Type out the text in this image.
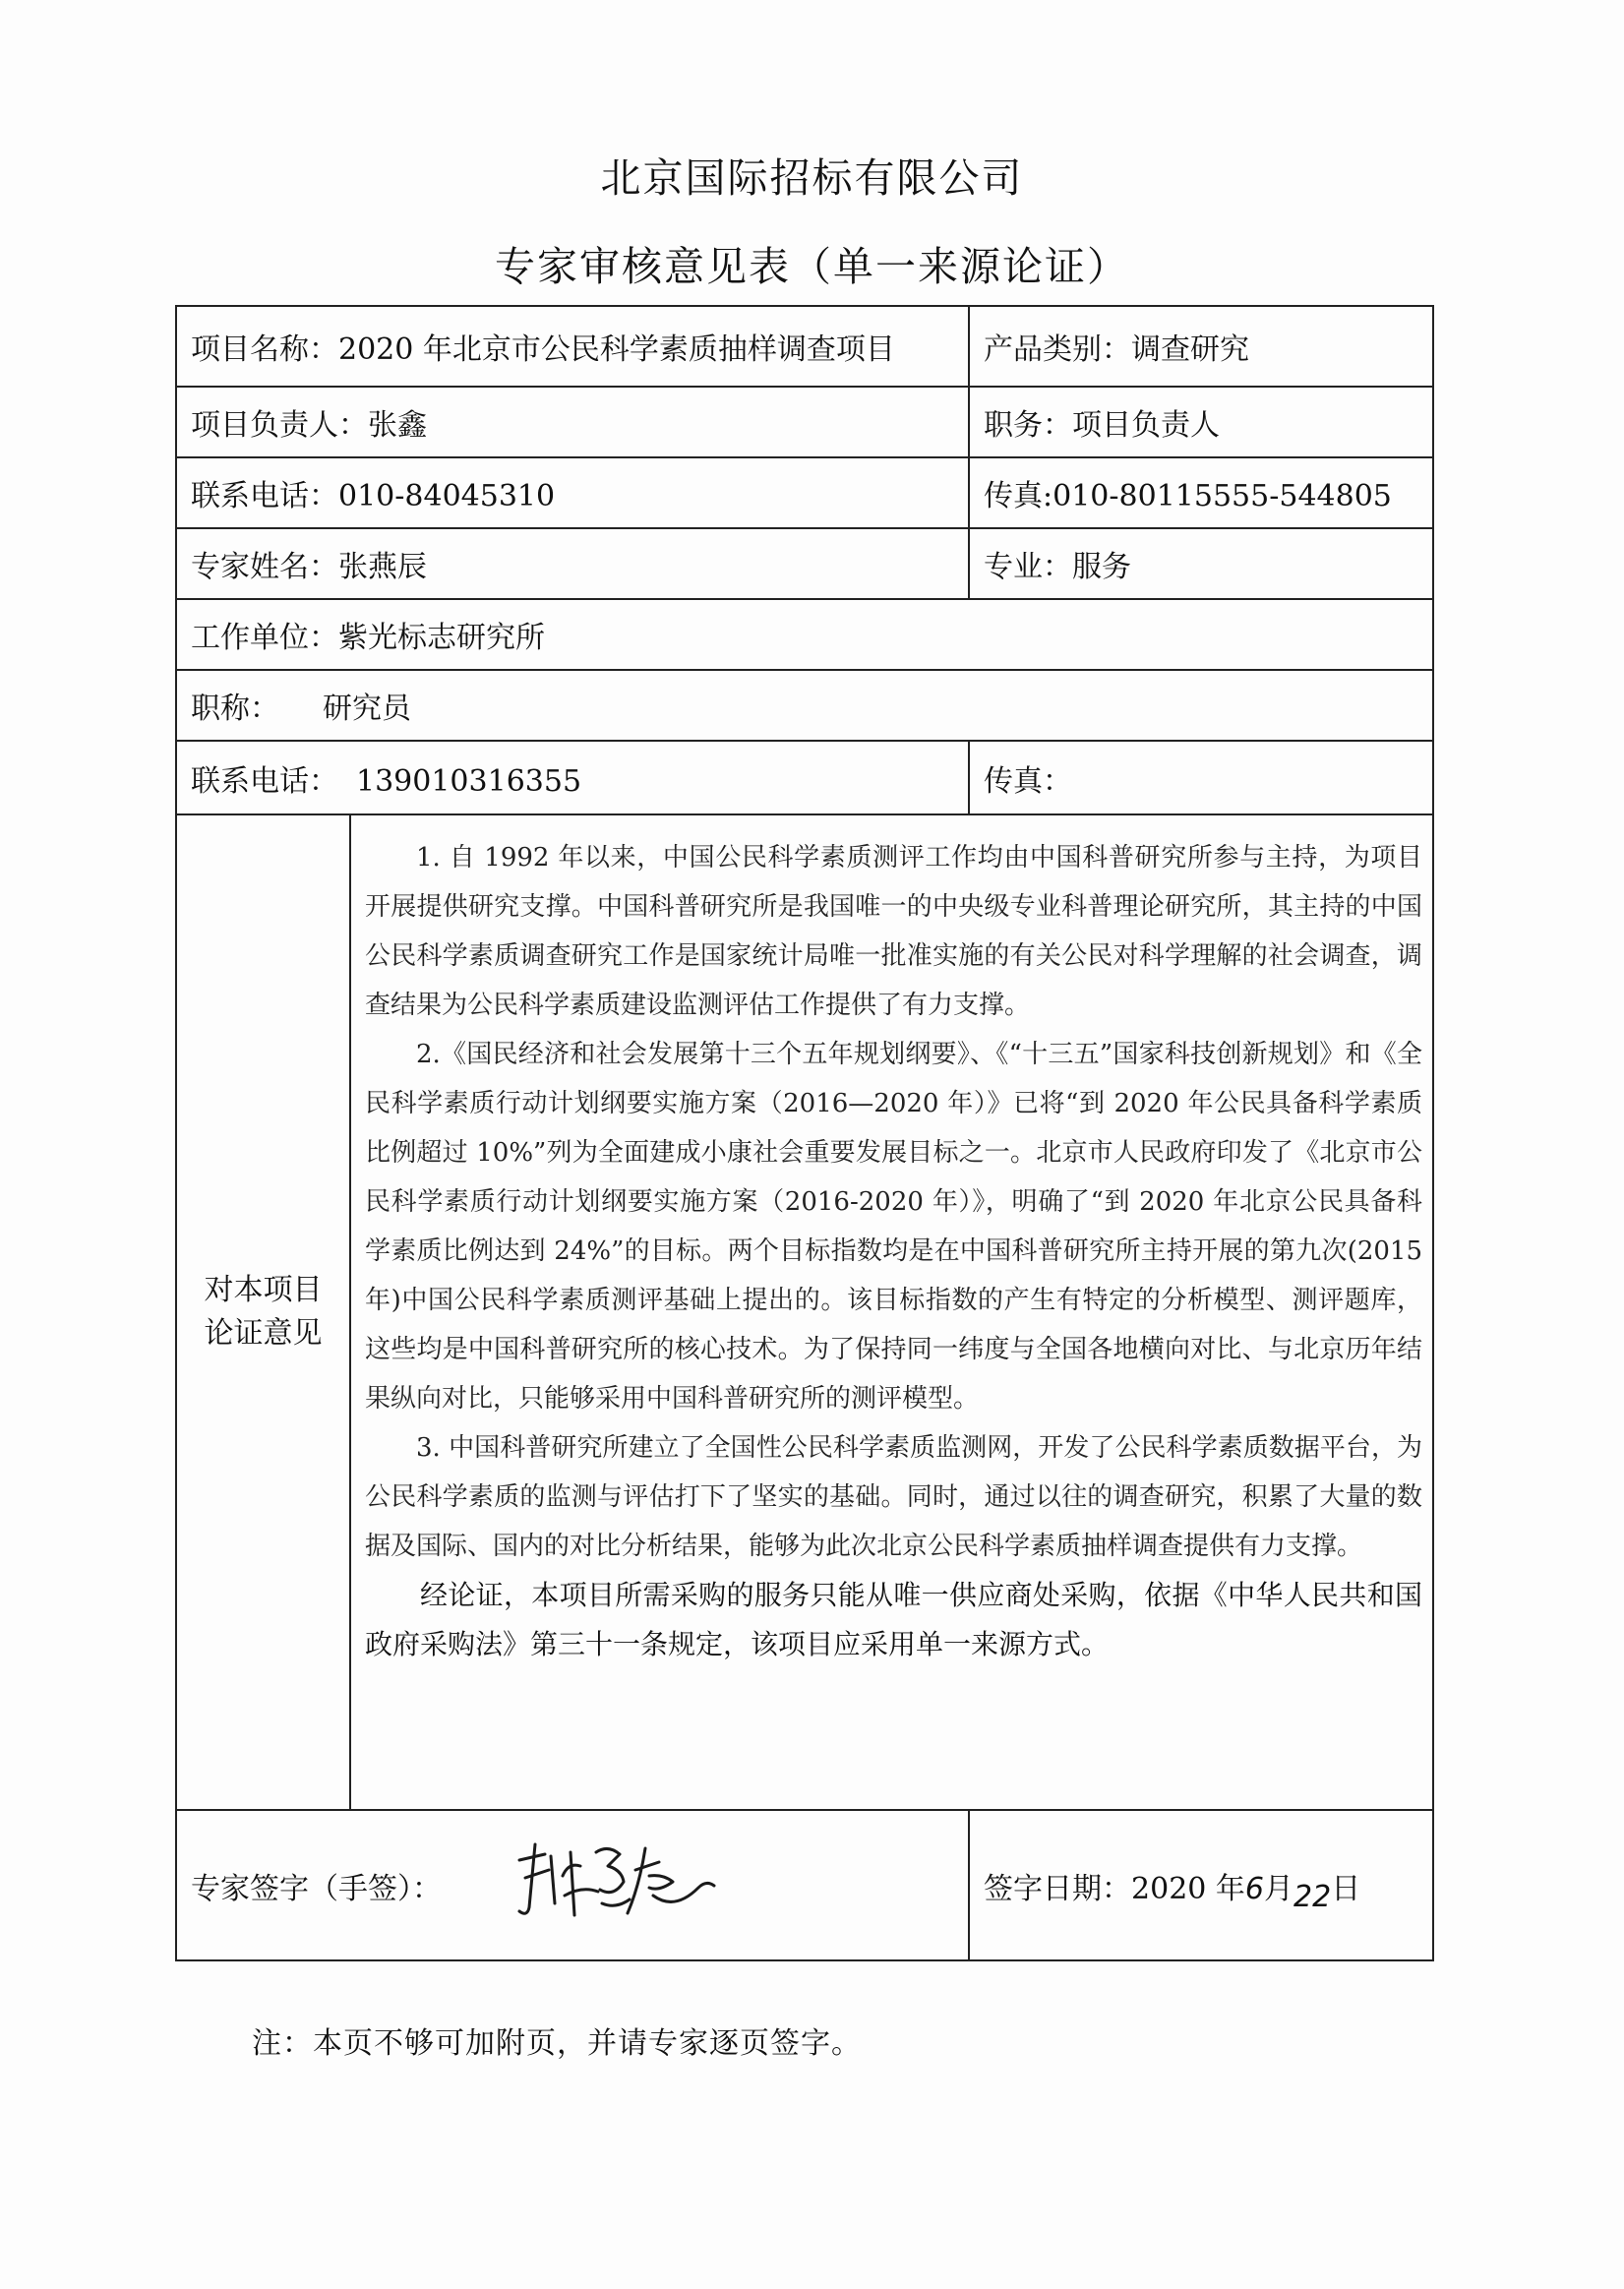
北京国际招标有限公司
专家审核意见表（单一来源论证）
项目名称：2020 年北京市公民科学素质抽样调查项目		产品类别：调查研究
项目负责人：张鑫		职务：项目负责人
联系电话：010-84045310		传真:010-80115555-544805
专家姓名：张燕辰		专业：服务
工作单位：紫光标志研究所		
职称： 研究员		
联系电话： 13901031635​5		传真：
对本项目论证意见	1. 自 1992 年以来，中国公民科学素质测评工作均由中国科普研究所参与主持，为项目开展提供研究支撑。中国科普研究所是我国唯一的中央级专业科普理论研究所，其主持的中国公民科学素质调查研究工作是国家统计局唯一批准实施的有关公民对科学理解的社会调查，调查结果为公民科学素质建设监测评估工作提供了有力支撑。

2.《国民经济和社会发展第十三个五年规划纲要》、《“十三五”国家科技创新规划》和《全民科学素质行动计划纲要实施方案（2016—2020 年）》已将“到 2020 年公民具备科学素质比例超过 10%”列为全面建成小康社会重要发展目标之一。北京市人民政府印发了《北京市公民科学素质行动计划纲要实施方案（2016-2020 年）》，明确了“到 2020 年北京公民具备科学素质比例达到 24%”的目标。两个目标指数均是在中国科普研究所主持开展的第九次(2015 年)中国公民科学素质测评基础上提出的。该目标指数的产生有特定的分析模型、测评题库，这些均是中国科普研究所的核心技术。为了保持同一纬度与全国各地横向对比、与北京历年结果纵向对比，只能够采用中国科普研究所的测评模型。

3. 中国科普研究所建立了全国性公民科学素质监测网，开发了公民科学素质数据平台，为公民科学素质的监测与评估打下了坚实的基础。同时，通过以往的调查研究，积累了大量的数据及国际、国内的对比分析结果，能够为此次北京公民科学素质抽样调查提供有力支撑。

经论证，本项目所需采购的服务只能从唯一供应商处采购，依据《中华人民共和国政府采购法》第三十一条规定，该项目应采用单一来源方式。	

专家签字（手签）：		签字日期：2020 年6月22日
注：本页不够可加附页，并请专家逐页签字。
